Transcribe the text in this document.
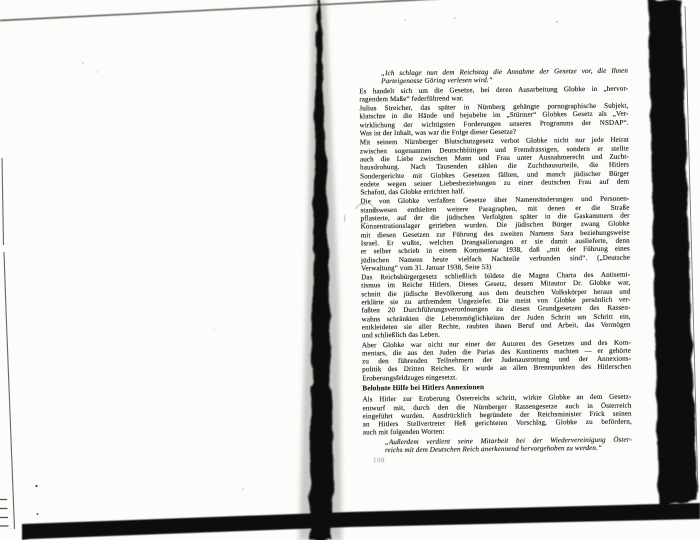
„Ich schlage nun dem Reichstag die Annahme der Gesetze vor, die Ihnen
Parteigenosse Göring verlesen wird.“
Es handelt sich um die Gesetze, bei deren Ausarbeitung Globke in „hervor-
ragendem Maße“ federführend war.
Julius Streicher, das später in Nürnberg gehängte pornographische Subjekt,
klatschte in die Hände und bejubelte im „Stürmer“ Globkes Gesetz als „Ver-
wirklichung der wichtigsten Forderungen unseres Programms der NSDAP“.
Was ist der Inhalt, was war die Folge dieser Gesetze?
Mit seinem Nürnberger Blutschutzgesetz verbot Globke nicht nur jede Heirat
zwischen sogenannten Deutschblütigen und Fremdrassigen, sondern er stellte
auch die Liebe zwischen Mann und Frau unter Ausnahmerecht und Zucht-
hausdrohung. Nach Tausenden zählen die Zuchthausurteile, die Hitlers
Sondergerichte mit Globkes Gesetzen fällten, und manch jüdischer Bürger
endete wegen seiner Liebesbeziehungen zu einer deutschen Frau auf dem
Schafott, das Globke errichten half.
Die von Globke verfaßten Gesetze über Namensänderungen und Personen-
standswesen enthielten weitere Paragraphen, mit denen er die Straße
pflasterte, auf der die jüdischen Verfolgten später in die Gaskammern der
Konzentrationslager getrieben wurden. Die jüdischen Bürger zwang Globke
mit diesen Gesetzen zur Führung des zweiten Namens Sara beziehungsweise
Israel. Er wußte, welchen Drangsalierungen er sie damit auslieferte, denn
er selber schrieb in einem Kommentar 1938, daß „mit der Führung eines
jüdischen Namens heute vielfach Nachteile verbunden sind“. („Deutsche
Verwaltung“ vom 31. Januar 1938, Seite 53)
Das Reichsbürgergesetz schließlich bildete die Magna Charta des Antisemi-
tismus im Reiche Hitlers. Dieses Gesetz, dessen Mitautor Dr. Globke war,
schnitt die jüdische Bevölkerung aus dem deutschen Volkskörper heraus und
erklärte sie zu artfremdem Ungeziefer. Die meist von Globke persönlich ver-
faßten 20 Durchführungsverordnungen zu diesen Grundgesetzen des Rassen-
wahns schränkten die Lebensmöglichkeiten der Juden Schritt um Schritt ein,
entkleideten sie aller Rechte, raubten ihnen Beruf und Arbeit, das Vermögen
und schließlich das Leben.
Aber Globke war nicht nur einer der Autoren des Gesetzes und des Kom-
mentars, die aus den Juden die Parias des Kontinents machten — er gehörte
zu den führenden Teilnehmern der Judenausrottung und der Annexions-
politik des Dritten Reiches. Er wurde an allen Brennpunkten des Hitlerschen
Eroberungsfeldzuges eingesetzt.
Belohnte Hilfe bei Hitlers Annexionen
Als Hitler zur Eroberung Österreichs schritt, wirkte Globke an dem Gesetz-
entwurf mit, durch den die Nürnberger Rassengesetze auch in Österreich
eingeführt wurden. Ausdrücklich begründete der Reichsminister Frick seinen
an Hitlers Stellvertreter Heß gerichteten Vorschlag, Globke zu befördern,
auch mit folgenden Worten:
„Außerdem verdient seine Mitarbeit bei der Wiedervereinigung Öster-
reichs mit dem Deutschen Reich anerkennend hervorgehoben zu werden.“
108
